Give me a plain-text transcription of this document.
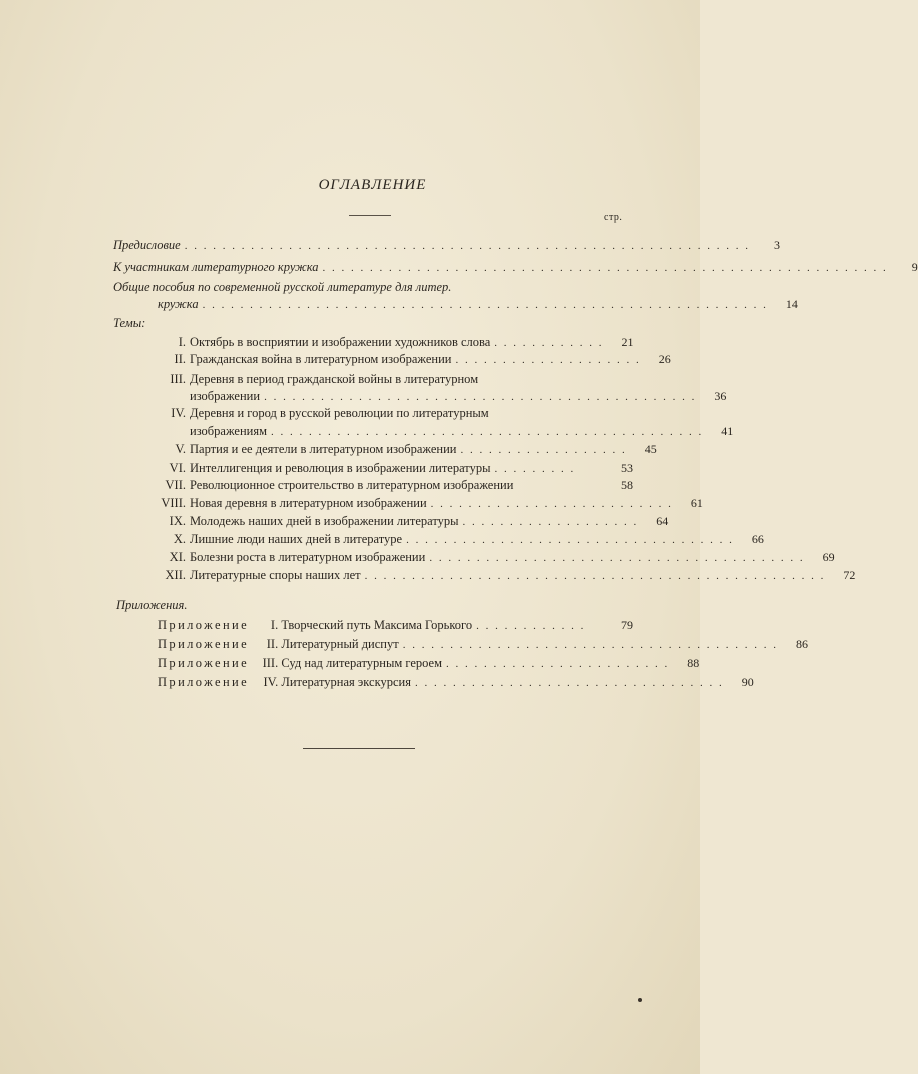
ОГЛАВЛЕНИЕ
стр.
Предисловие . . . . . . . . . . . . . . . . . . . . . . . . . . . . . . . . . . . . . . . . . . . . . . . . . . . . . . . . . . . .	3
К участникам литературного кружка . . . . . . . . . . . . . . . . . . . . . . . . . . . . . . . . . . . . . . . . . . . . . . . . . . . . . . . . . . . .	9
Общие пособия по современной русской литературе для литер.
кружка . . . . . . . . . . . . . . . . . . . . . . . . . . . . . . . . . . . . . . . . . . . . . . . . . . . . . . . . . . . .	14
Темы:
I. Октябрь в восприятии и изображении художников слова . . . . . . . . . . . .	21
II. Гражданская война в литературном изображении . . . . . . . . . . . . . . . . . . . .	26
III. Деревня в период гражданской войны в литературном
изображении . . . . . . . . . . . . . . . . . . . . . . . . . . . . . . . . . . . . . . . . . . . . . .	36
IV. Деревня и город в русской революции по литературным
изображениям . . . . . . . . . . . . . . . . . . . . . . . . . . . . . . . . . . . . . . . . . . . . . .	41
V. Партия и ее деятели в литературном изображении . . . . . . . . . . . . . . . . . .	45
VI. Интеллигенция и революция в изображении литературы . . . . . . . . .	53
VII. Революционное строительство в литературном изображении	58
VIII. Новая деревня в литературном изображении . . . . . . . . . . . . . . . . . . . . . . . . . .	61
IX. Молодежь наших дней в изображении литературы . . . . . . . . . . . . . . . . . . .	64
X. Лишние люди наших дней в литературе . . . . . . . . . . . . . . . . . . . . . . . . . . . . . . . . . . .	66
XI. Болезни роста в литературном изображении . . . . . . . . . . . . . . . . . . . . . . . . . . . . . . . . . . . . . . . .	69
XII. Литературные споры наших лет . . . . . . . . . . . . . . . . . . . . . . . . . . . . . . . . . . . . . . . . . . . . . . . . .	72
Приложения.
Приложение I. Творческий путь Максима Горького . . . . . . . . . . . .	79
Приложение II. Литературный диспут . . . . . . . . . . . . . . . . . . . . . . . . . . . . . . . . . . . . . . . .	86
Приложение III. Суд над литературным героем . . . . . . . . . . . . . . . . . . . . . . . .	88
Приложение IV. Литературная экскурсия . . . . . . . . . . . . . . . . . . . . . . . . . . . . . . . . .	90
